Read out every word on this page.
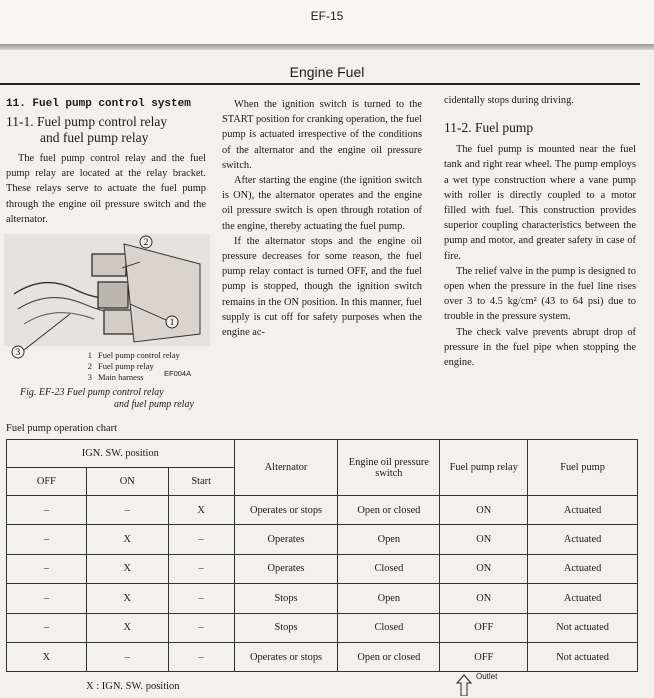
EF-15
Engine Fuel
11. Fuel pump control system
11-1. Fuel pump control relay
and fuel pump relay

The fuel pump control relay and the fuel pump relay are located at the relay bracket. These relays serve to actuate the fuel pump through the engine oil pressure switch and the alternator.

2
1
3	1 Fuel pump control relay
2 Fuel pump relay
3 Main harness	EF004A
Fig. EF-23 Fuel pump control relay
and fuel pump relay

When the ignition switch is turned to the START position for cranking operation, the fuel pump is actuated irrespective of the conditions of the alternator and the engine oil pressure switch.

After starting the engine (the ignition switch is ON), the alternator operates and the engine oil pressure switch is open through rotation of the engine, thereby actuating the fuel pump.

If the alternator stops and the engine oil pressure decreases for some reason, the fuel pump relay contact is turned OFF, and the fuel pump is stopped, though the ignition switch remains in the ON position. In this manner, fuel supply is cut off for safety purposes when the engine ac-

cidentally stops during driving.
11-2. Fuel pump

The fuel pump is mounted near the fuel tank and right rear wheel. The pump employs a wet type construction where a vane pump with roller is directly coupled to a motor filled with fuel. This construction provides superior coupling characteristics between the pump and motor, and greater safety in case of fire.

The relief valve in the pump is designed to open when the pressure in the fuel line rises over 3 to 4.5 kg/cm² (43 to 64 psi) due to trouble in the pressure system.

The check valve prevents abrupt drop of pressure in the fuel pipe when stopping the engine.

Fuel pump operation chart
IGN. SW. position			Alternator	Engine oil pressure switch	Fuel pump relay	Fuel pump
OFF	ON	Start				
–	–	X	Operates or stops	Open or closed	ON	Actuated
–	X	–	Operates	Open	ON	Actuated
–	X	–	Operates	Closed	ON	Actuated
–	X	–	Stops	Open	ON	Actuated
–	X	–	Stops	Closed	OFF	Not actuated
X	–	–	Operates or stops	Open or closed	OFF	Not actuated
X : IGN. SW. position
Outlet
